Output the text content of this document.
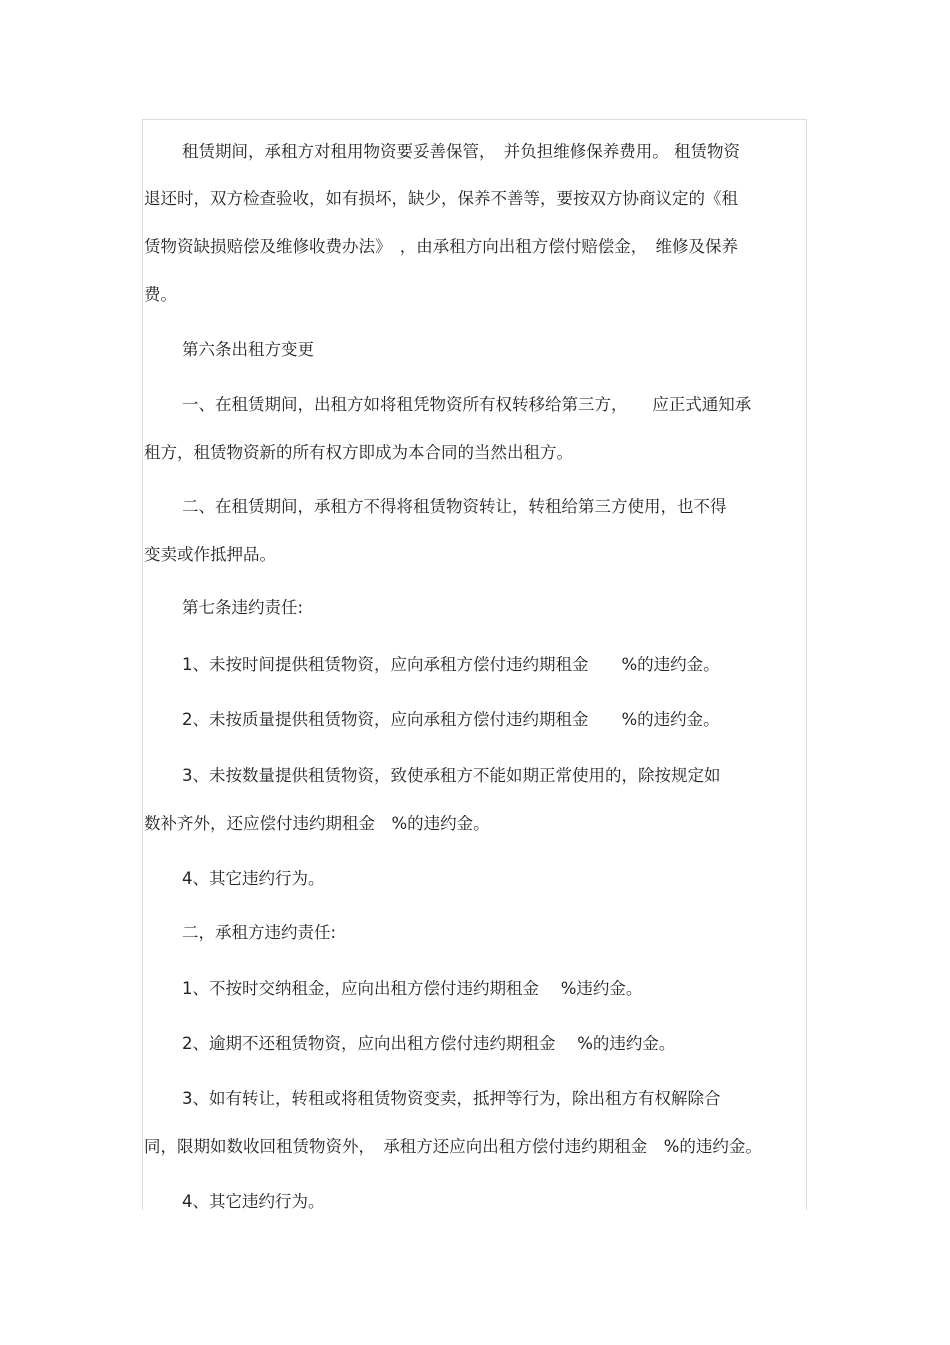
租赁期间，承租方对租用物资要妥善保管，　并负担维修保养费用。 租赁物资
退还时，双方检查验收，如有损坏，缺少，保养不善等，要按双方协商议定的《租
赁物资缺损赔偿及维修收费办法》　，由承租方向出租方偿付赔偿金，　维修及保养
费。
第六条出租方变更
一、在租赁期间，出租方如将租凭物资所有权转移给第三方，　　应正式通知承
租方，租赁物资新的所有权方即成为本合同的当然出租方。
二、在租赁期间，承租方不得将租赁物资转让，转租给第三方使用，也不得
变卖或作抵押品。
第七条违约责任:
1、未按时间提供租赁物资，应向承租方偿付违约期租金　　%的违约金。
2、未按质量提供租赁物资，应向承租方偿付违约期租金　　%的违约金。
3、未按数量提供租赁物资，致使承租方不能如期正常使用的，除按规定如
数补齐外，还应偿付违约期租金　%的违约金。
4、其它违约行为。
二，承租方违约责任:
1、不按时交纳租金，应向出租方偿付违约期租金　 %违约金。
2、逾期不还租赁物资，应向出租方偿付违约期租金　 %的违约金。
3、如有转让，转租或将租赁物资变卖，抵押等行为，除出租方有权解除合
同，限期如数收回租赁物资外，　承租方还应向出租方偿付违约期租金　%的违约金。
4、其它违约行为。
